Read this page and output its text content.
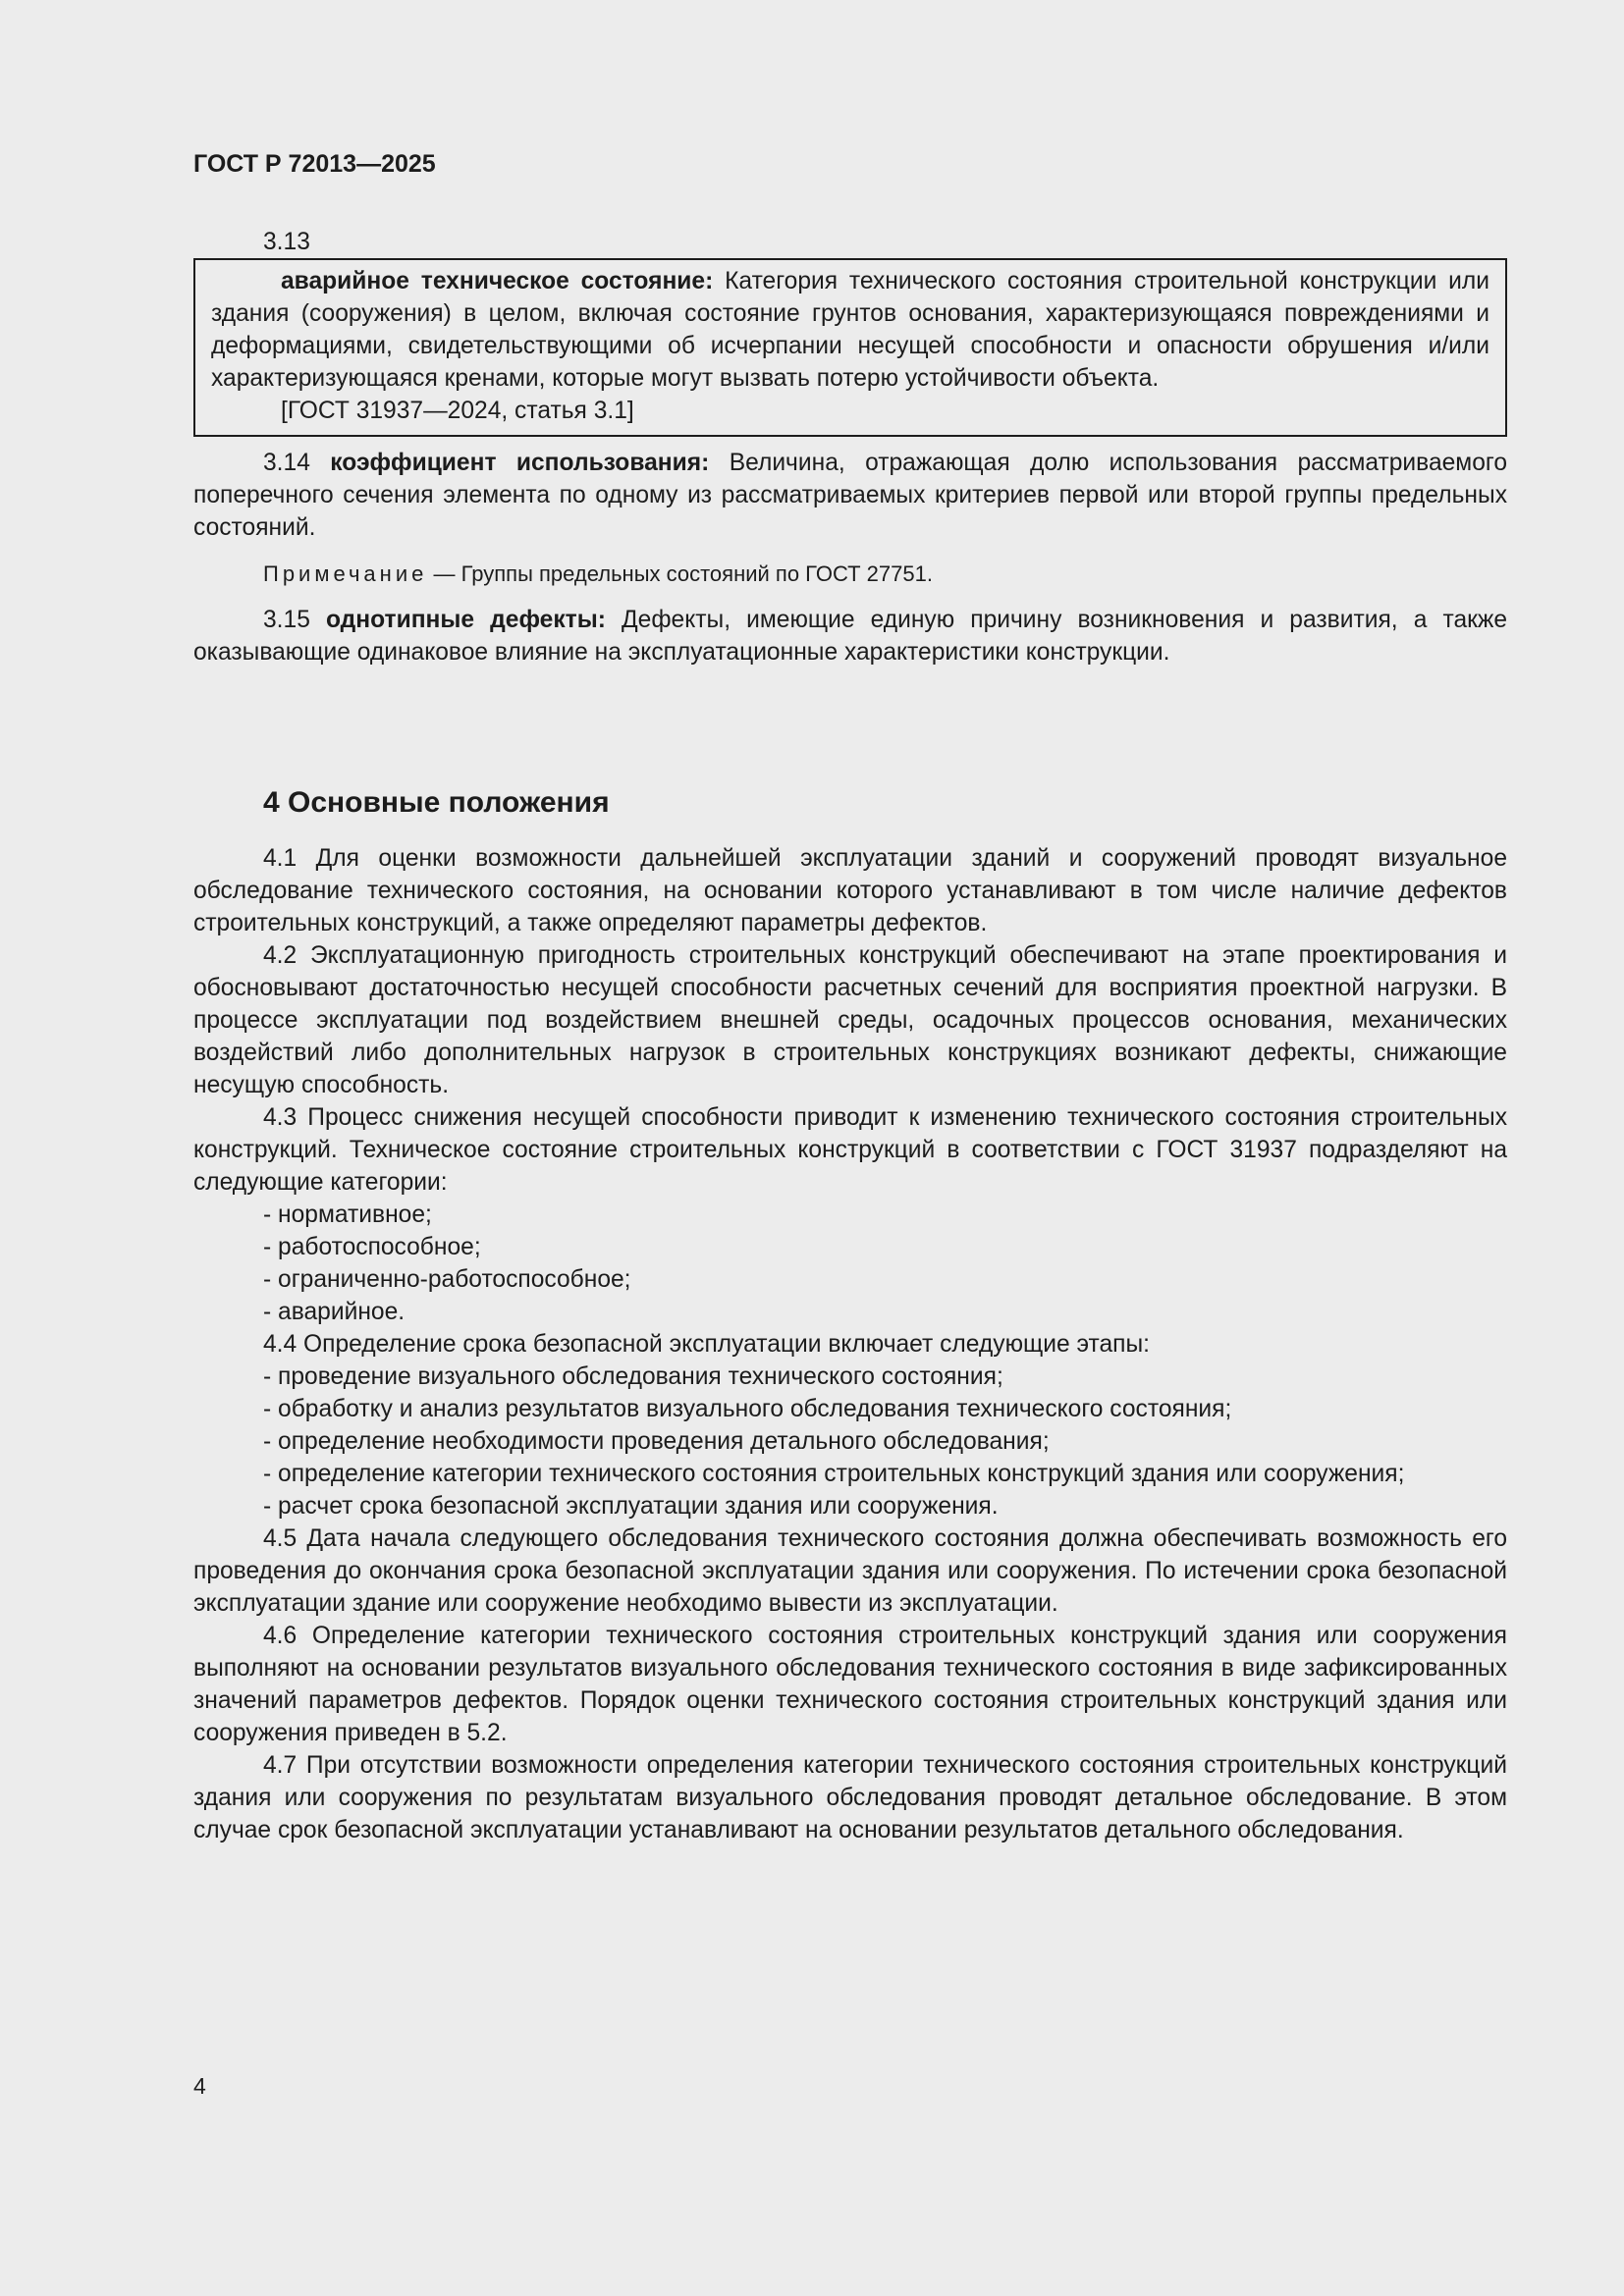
ГОСТ Р 72013—2025

3.13

аварийное техническое состояние: Категория технического состояния строительной конструкции или здания (сооружения) в целом, включая состояние грунтов основания, характеризующаяся повреждениями и деформациями, свидетельствующими об исчерпании несущей способности и опасности обрушения и/или характеризующаяся кренами, которые могут вызвать потерю устойчивости объекта.

[ГОСТ 31937—2024, статья 3.1]

3.14 коэффициент использования: Величина, отражающая долю использования рассматриваемого поперечного сечения элемента по одному из рассматриваемых критериев первой или второй группы предельных состояний.

Примечание — Группы предельных состояний по ГОСТ 27751.

3.15 однотипные дефекты: Дефекты, имеющие единую причину возникновения и развития, а также оказывающие одинаковое влияние на эксплуатационные характеристики конструкции.

4 Основные положения

4.1 Для оценки возможности дальнейшей эксплуатации зданий и сооружений проводят визуальное обследование технического состояния, на основании которого устанавливают в том числе наличие дефектов строительных конструкций, а также определяют параметры дефектов.

4.2 Эксплуатационную пригодность строительных конструкций обеспечивают на этапе проектирования и обосновывают достаточностью несущей способности расчетных сечений для восприятия проектной нагрузки. В процессе эксплуатации под воздействием внешней среды, осадочных процессов основания, механических воздействий либо дополнительных нагрузок в строительных конструкциях возникают дефекты, снижающие несущую способность.

4.3 Процесс снижения несущей способности приводит к изменению технического состояния строительных конструкций. Техническое состояние строительных конструкций в соответствии с ГОСТ 31937 подразделяют на следующие категории:

- нормативное;

- работоспособное;

- ограниченно-работоспособное;

- аварийное.

4.4 Определение срока безопасной эксплуатации включает следующие этапы:

- проведение визуального обследования технического состояния;

- обработку и анализ результатов визуального обследования технического состояния;

- определение необходимости проведения детального обследования;

- определение категории технического состояния строительных конструкций здания или сооружения;

- расчет срока безопасной эксплуатации здания или сооружения.

4.5 Дата начала следующего обследования технического состояния должна обеспечивать возможность его проведения до окончания срока безопасной эксплуатации здания или сооружения. По истечении срока безопасной эксплуатации здание или сооружение необходимо вывести из эксплуатации.

4.6 Определение категории технического состояния строительных конструкций здания или сооружения выполняют на основании результатов визуального обследования технического состояния в виде зафиксированных значений параметров дефектов. Порядок оценки технического состояния строительных конструкций здания или сооружения приведен в 5.2.

4.7 При отсутствии возможности определения категории технического состояния строительных конструкций здания или сооружения по результатам визуального обследования проводят детальное обследование. В этом случае срок безопасной эксплуатации устанавливают на основании результатов детального обследования.

4
